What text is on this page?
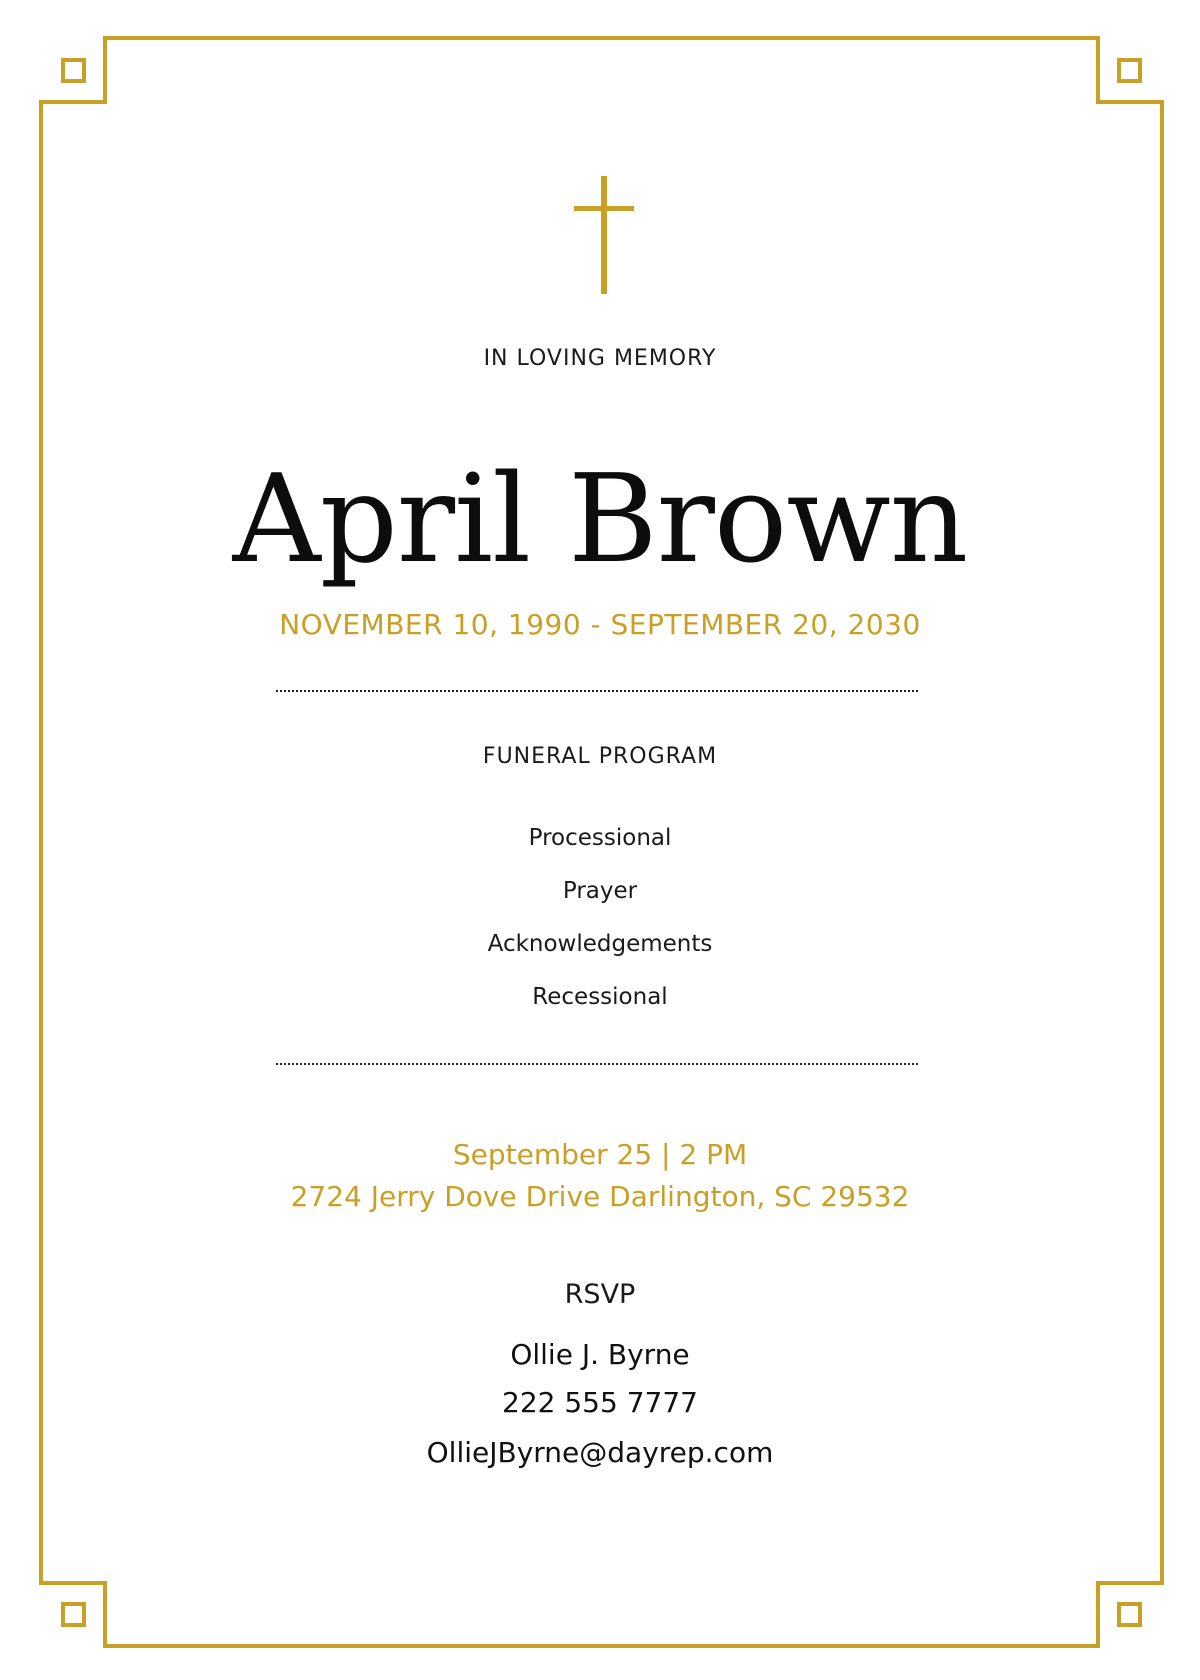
IN LOVING MEMORY

April Brown

NOVEMBER 10, 1990 - SEPTEMBER 20, 2030

FUNERAL PROGRAM

Processional

Prayer

Acknowledgements

Recessional

September 25 | 2 PM

2724 Jerry Dove Drive Darlington, SC 29532

RSVP

Ollie J. Byrne

222 555 7777

OllieJByrne@dayrep.com
